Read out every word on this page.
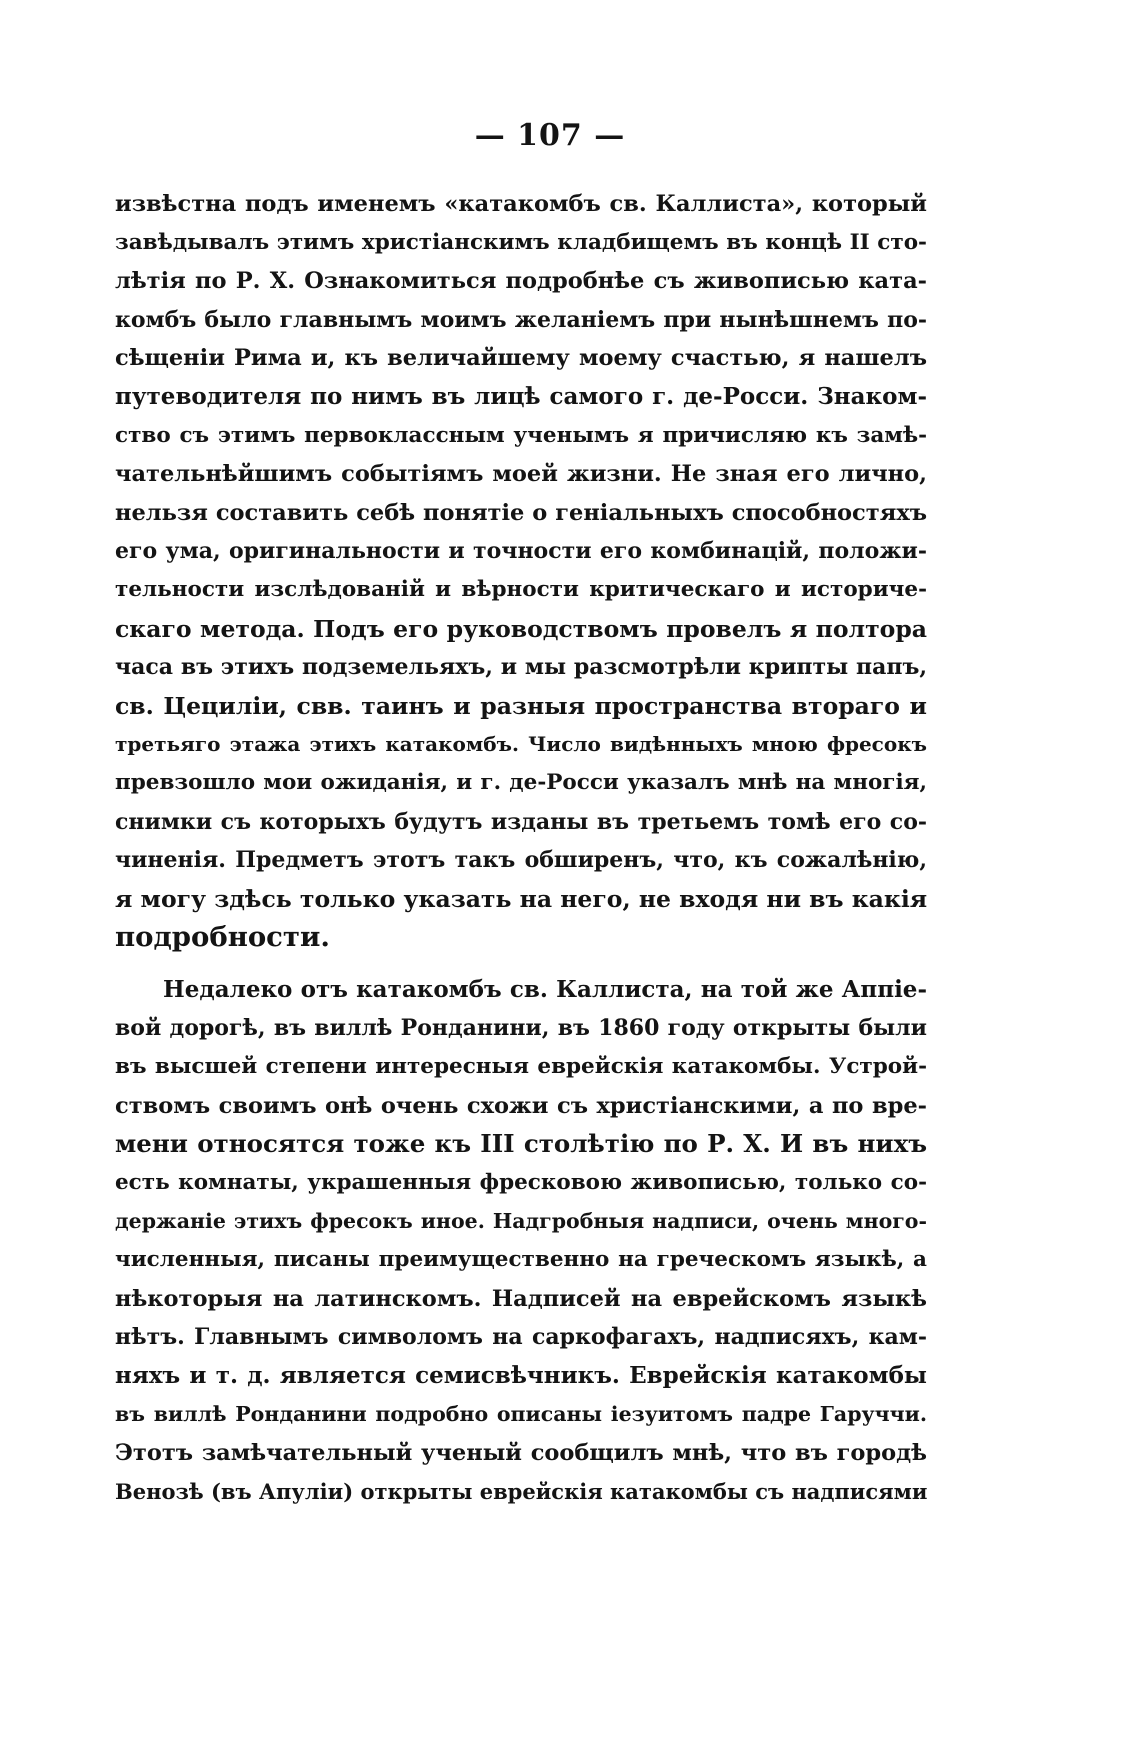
— 107 —
извѣстна подъ именемъ «катакомбъ св. Каллиста», который
завѣдывалъ этимъ христіанскимъ кладбищемъ въ концѣ II сто-
лѣтія по Р. Х. Ознакомиться подробнѣе съ живописью ката-
комбъ было главнымъ моимъ желаніемъ при нынѣшнемъ по-
сѣщеніи Рима и, къ величайшему моему счастью, я нашелъ
путеводителя по нимъ въ лицѣ самого г. де-Росси. Знаком-
ство съ этимъ первоклассным ученымъ я причисляю къ замѣ-
чательнѣйшимъ событіямъ моей жизни. Не зная его лично,
нельзя составить себѣ понятіе о геніальныхъ способностяхъ
его ума, оригинальности и точности его комбинацій, положи-
тельности изслѣдованій и вѣрности критическаго и историче-
скаго метода. Подъ его руководствомъ провелъ я полтора
часа въ этихъ подземельяхъ, и мы разсмотрѣли крипты папъ,
св. Цециліи, свв. таинъ и разныя пространства втораго и
третьяго этажа этихъ катакомбъ. Число видѣнныхъ мною фресокъ
превзошло мои ожиданія, и г. де-Росси указалъ мнѣ на многія,
снимки съ которыхъ будутъ изданы въ третьемъ томѣ его со-
чиненія. Предметъ этотъ такъ обширенъ, что, къ сожалѣнію,
я могу здѣсь только указать на него, не входя ни въ какія
подробности.
Недалеко отъ катакомбъ св. Каллиста, на той же Аппіе-
вой дорогѣ, въ виллѣ Ронданини, въ 1860 году открыты были
въ высшей степени интересныя еврейскія катакомбы. Устрой-
ствомъ своимъ онѣ очень схожи съ христіанскими, а по вре-
мени относятся тоже къ III столѣтію по Р. Х. И въ нихъ
есть комнаты, украшенныя фресковою живописью, только со-
держаніе этихъ фресокъ иное. Надгробныя надписи, очень много-
численныя, писаны преимущественно на греческомъ языкѣ, а
нѣкоторыя на латинскомъ. Надписей на еврейскомъ языкѣ
нѣтъ. Главнымъ символомъ на саркофагахъ, надписяхъ, кам-
няхъ и т. д. является семисвѣчникъ. Еврейскія катакомбы
въ виллѣ Ронданини подробно описаны іезуитомъ падре Гаруччи.
Этотъ замѣчательный ученый сообщилъ мнѣ, что въ городѣ
Венозѣ (въ Апуліи) открыты еврейскія катакомбы съ надписями
